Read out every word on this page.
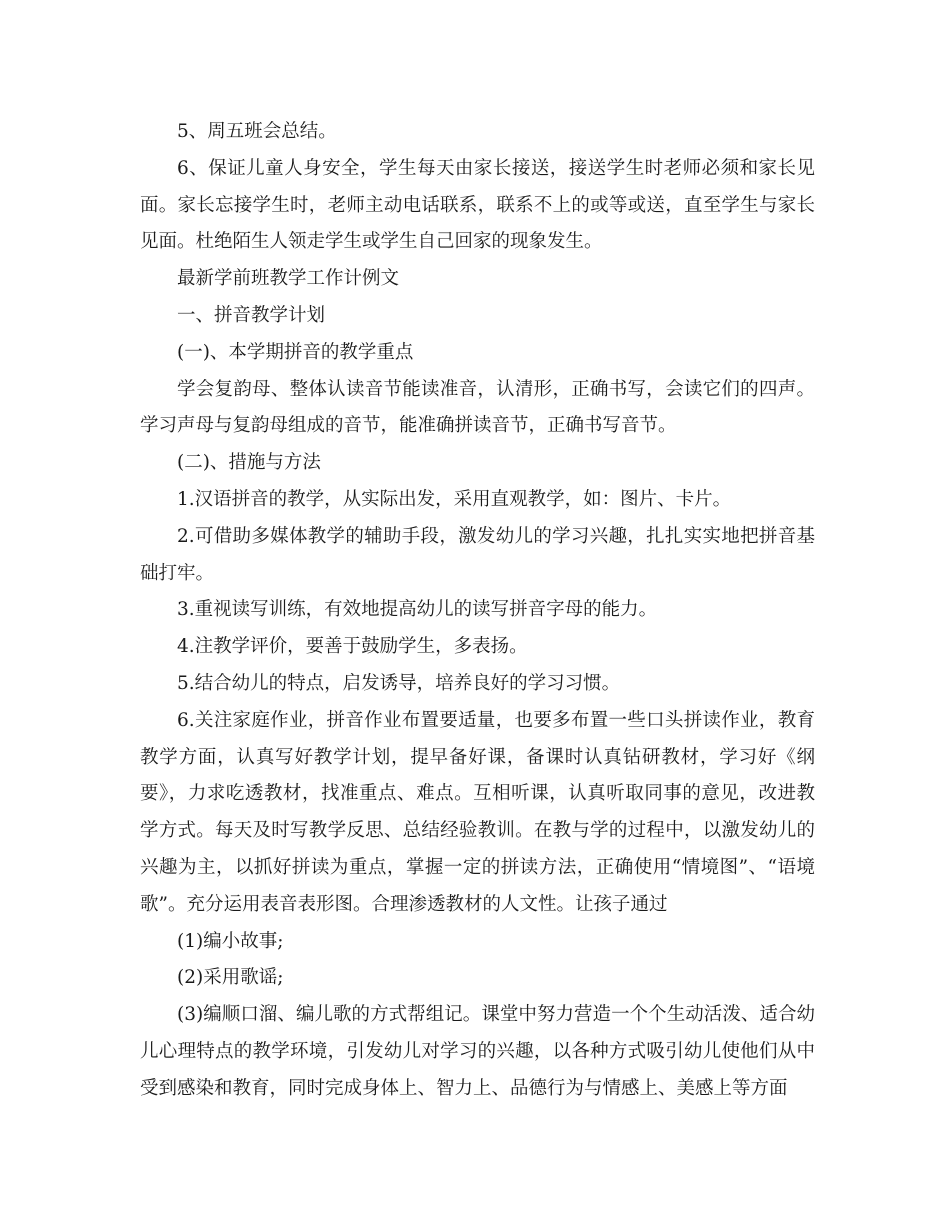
5、周五班会总结。

6、保证儿童人身安全，学生每天由家长接送，接送学生时老师必须和家长见面。家长忘接学生时，老师主动电话联系，联系不上的或等或送，直至学生与家长见面。杜绝陌生人领走学生或学生自己回家的现象发生。

最新学前班教学工作计例文

一、拼音教学计划

(一)、本学期拼音的教学重点

学会复韵母、整体认读音节能读准音，认清形，正确书写，会读它们的四声。学习声母与复韵母组成的音节，能准确拼读音节，正确书写音节。

(二)、措施与方法

1.汉语拼音的教学，从实际出发，采用直观教学，如：图片、卡片。

2.可借助多媒体教学的辅助手段，激发幼儿的学习兴趣，扎扎实实地把拼音基础打牢。

3.重视读写训练，有效地提高幼儿的读写拼音字母的能力。

4.注教学评价，要善于鼓励学生，多表扬。

5.结合幼儿的特点，启发诱导，培养良好的学习习惯。

6.关注家庭作业，拼音作业布置要适量，也要多布置一些口头拼读作业，教育教学方面，认真写好教学计划，提早备好课，备课时认真钻研教材，学习好《纲要》，力求吃透教材，找准重点、难点。互相听课，认真听取同事的意见，改进教学方式。每天及时写教学反思、总结经验教训。在教与学的过程中，以激发幼儿的兴趣为主，以抓好拼读为重点，掌握一定的拼读方法，正确使用“情境图”、“语境歌”。充分运用表音表形图。合理渗透教材的人文性。让孩子通过

(1)编小故事;

(2)采用歌谣;

(3)编顺口溜、编儿歌的方式帮组记。课堂中努力营造一个个生动活泼、适合幼儿心理特点的教学环境，引发幼儿对学习的兴趣，以各种方式吸引幼儿使他们从中受到感染和教育，同时完成身体上、智力上、品德行为与情感上、美感上等方面
